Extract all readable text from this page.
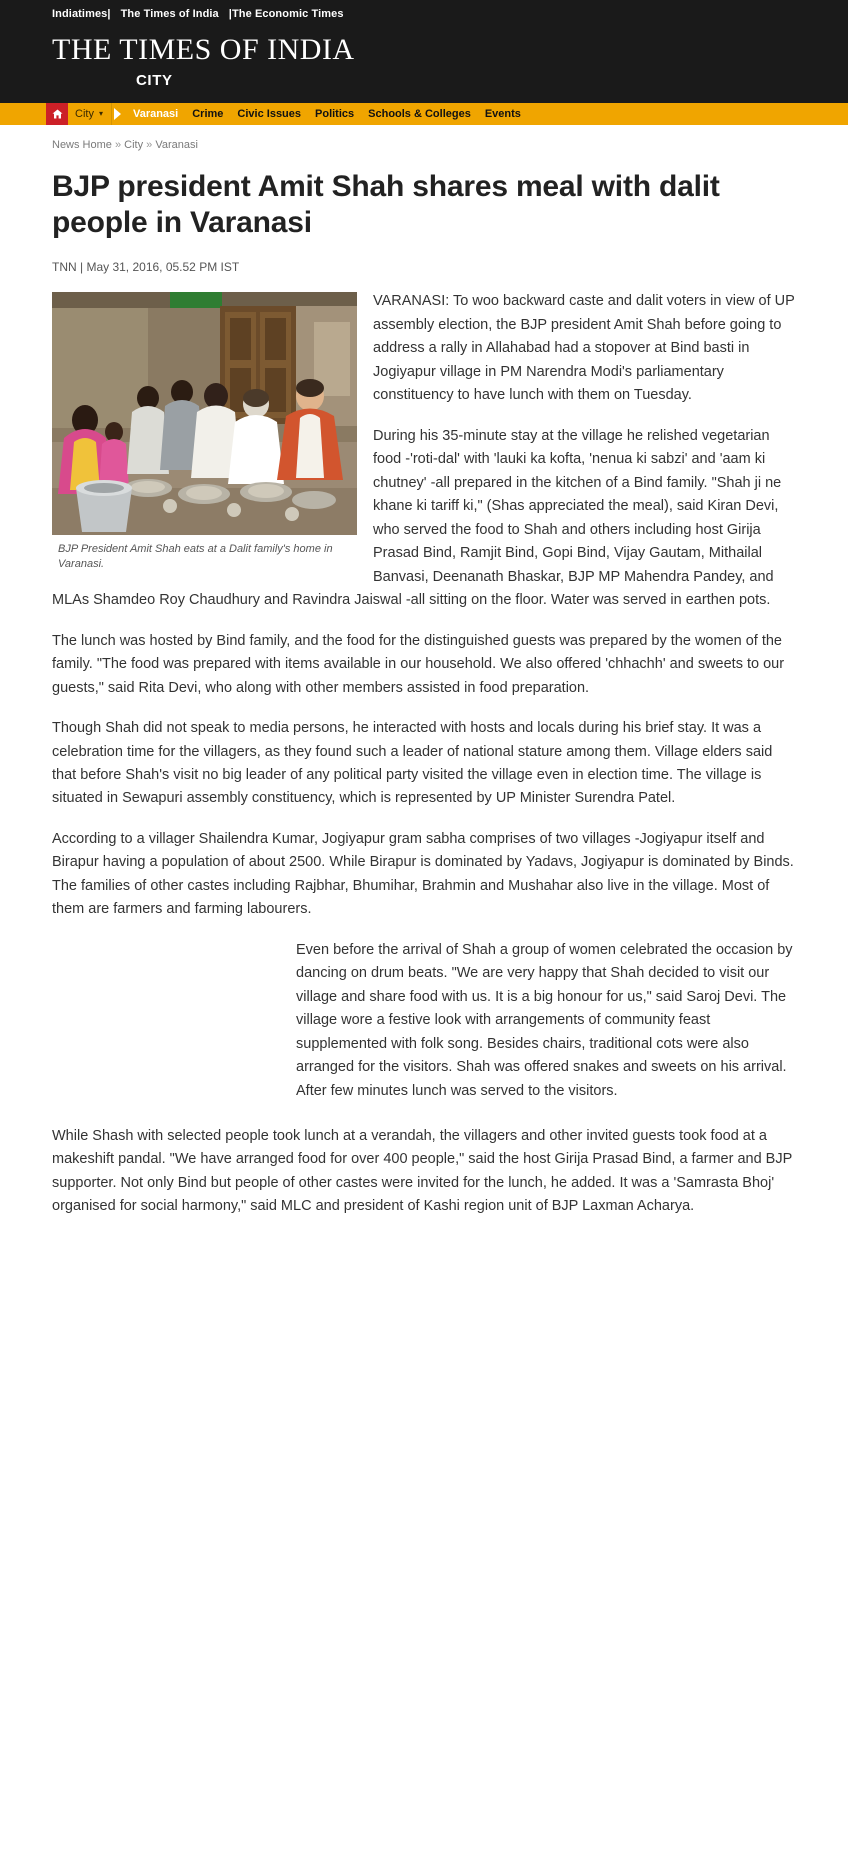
Indiatimes| The Times of India |The Economic Times
THE TIMES OF INDIA
CITY
City ▾	Varanasi Crime Civic Issues Politics Schools & Colleges Events
News Home » City » Varanasi
BJP president Amit Shah shares meal with dalit people in Varanasi
TNN | May 31, 2016, 05.52 PM IST
BJP President Amit Shah eats at a Dalit family's home in Varanasi.

VARANASI: To woo backward caste and dalit voters in view of UP assembly election, the BJP president Amit Shah before going to address a rally in Allahabad had a stopover at Bind basti in Jogiyapur village in PM Narendra Modi's parliamentary constituency to have lunch with them on Tuesday.

During his 35-minute stay at the village he relished vegetarian food -'roti-dal' with 'lauki ka kofta, 'nenua ki sabzi' and 'aam ki chutney' -all prepared in the kitchen of a Bind family. "Shah ji ne khane ki tariff ki," (Shas appreciated the meal), said Kiran Devi, who served the food to Shah and others including host Girija Prasad Bind, Ramjit Bind, Gopi Bind, Vijay Gautam, Mithailal Banvasi, Deenanath Bhaskar, BJP MP Mahendra Pandey, and MLAs Shamdeo Roy Chaudhury and Ravindra Jaiswal -all sitting on the floor. Water was served in earthen pots.

The lunch was hosted by Bind family, and the food for the distinguished guests was prepared by the women of the family. "The food was prepared with items available in our household. We also offered 'chhachh' and sweets to our guests," said Rita Devi, who along with other members assisted in food preparation.

Though Shah did not speak to media persons, he interacted with hosts and locals during his brief stay. It was a celebration time for the villagers, as they found such a leader of national stature among them. Village elders said that before Shah's visit no big leader of any political party visited the village even in election time. The village is situated in Sewapuri assembly constituency, which is represented by UP Minister Surendra Patel.

According to a villager Shailendra Kumar, Jogiyapur gram sabha comprises of two villages -Jogiyapur itself and Birapur having a population of about 2500. While Birapur is dominated by Yadavs, Jogiyapur is dominated by Binds. The families of other castes including Rajbhar, Bhumihar, Brahmin and Mushahar also live in the village. Most of them are farmers and farming labourers.

Even before the arrival of Shah a group of women celebrated the occasion by dancing on drum beats. "We are very happy that Shah decided to visit our village and share food with us. It is a big honour for us," said Saroj Devi. The village wore a festive look with arrangements of community feast supplemented with folk song. Besides chairs, traditional cots were also arranged for the visitors. Shah was offered snakes and sweets on his arrival. After few minutes lunch was served to the visitors.

While Shash with selected people took lunch at a verandah, the villagers and other invited guests took food at a makeshift pandal. "We have arranged food for over 400 people," said the host Girija Prasad Bind, a farmer and BJP supporter. Not only Bind but people of other castes were invited for the lunch, he added. It was a 'Samrasta Bhoj' organised for social harmony," said MLC and president of Kashi region unit of BJP Laxman Acharya.
